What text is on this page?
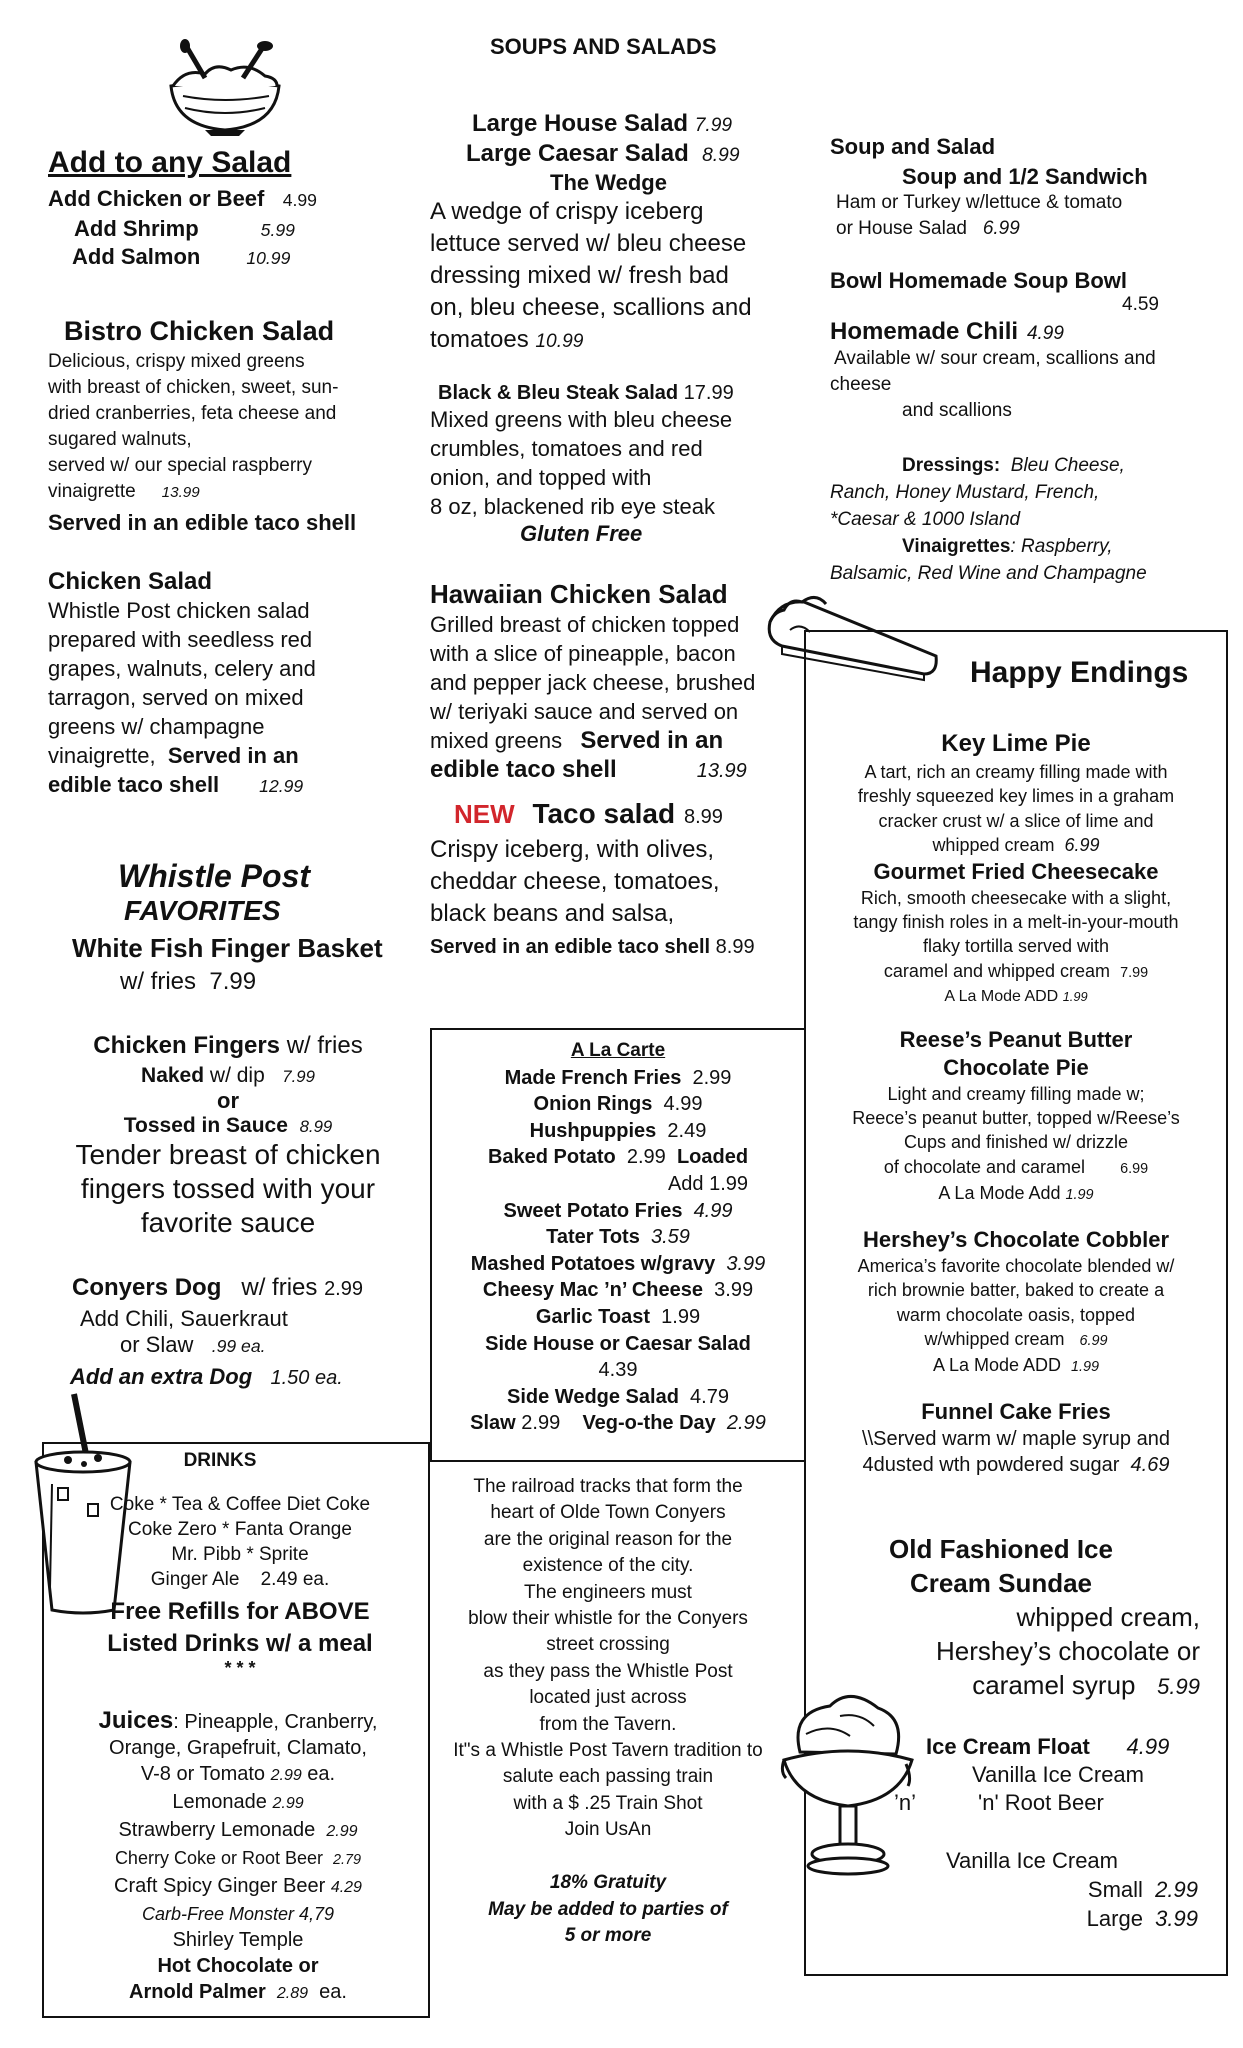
SOUPS AND SALADS
Add to any Salad
Add Chicken or Beef 4.99
Add Shrimp	5.99
Add Salmon	10.99
Bistro Chicken Salad
Delicious, crispy mixed greens
with breast of chicken, sweet, sun-
dried cranberries, feta cheese and
sugared walnuts,
served w/ our special raspberry
vinaigrette 13.99
Served in an edible taco shell
Chicken Salad
Whistle Post chicken salad
prepared with seedless red
grapes, walnuts, celery and
tarragon, served on mixed
greens w/ champagne
vinaigrette, Served in an
edible taco shell 12.99
Whistle Post
FAVORITES
White Fish Finger Basket
w/ fries 7.99
Chicken Fingers w/ fries
Naked w/ dip 7.99
or
Tossed in Sauce 8.99
Tender breast of chicken
fingers tossed with your
favorite sauce
Conyers Dog w/ fries 2.99
Add Chili, Sauerkraut
or Slaw .99 ea.
Add an extra Dog 1.50 ea.
DRINKS
Coke * Tea & Coffee Diet Coke
Coke Zero * Fanta Orange
Mr. Pibb * Sprite
Ginger Ale 2.49 ea.
Free Refills for ABOVE
Listed Drinks w/ a meal
* * *
Juices: Pineapple, Cranberry,
Orange, Grapefruit, Clamato,
V-8 or Tomato 2.99 ea.
Lemonade 2.99
Strawberry Lemonade 2.99
Cherry Coke or Root Beer 2.79
Craft Spicy Ginger Beer 4.29
Carb-Free Monster 4,79
Shirley Temple
Hot Chocolate or
Arnold Palmer 2.89 ea.
Large House Salad 7.99
Large Caesar Salad 8.99
The Wedge
A wedge of crispy iceberg
lettuce served w/ bleu cheese
dressing mixed w/ fresh bad
on, bleu cheese, scallions and
tomatoes 10.99
Black & Bleu Steak Salad 17.99
Mixed greens with bleu cheese
crumbles, tomatoes and red
onion, and topped with
8 oz, blackened rib eye steak
Gluten Free
Hawaiian Chicken Salad
Grilled breast of chicken topped
with a slice of pineapple, bacon
and pepper jack cheese, brushed
w/ teriyaki sauce and served on
mixed greens Served in an
edible taco shell	13.99
NEW Taco salad 8.99
Crispy iceberg, with olives,
cheddar cheese, tomatoes,
black beans and salsa,
Served in an edible taco shell 8.99
A La Carte
Made French Fries 2.99
Onion Rings 4.99
Hushpuppies 2.49
Baked Potato 2.99 Loaded
Add 1.99
Sweet Potato Fries 4.99
Tater Tots 3.59
Mashed Potatoes w/gravy 3.99
Cheesy Mac ’n’ Cheese 3.99
Garlic Toast 1.99
Side House or Caesar Salad
4.39
Side Wedge Salad 4.79
Slaw 2.99 Veg-o-the Day 2.99
The railroad tracks that form the
heart of Olde Town Conyers
are the original reason for the
existence of the city.
The engineers must
blow their whistle for the Conyers
street crossing
as they pass the Whistle Post
located just across
from the Tavern.
It"s a Whistle Post Tavern tradition to
salute each passing train
with a $ .25 Train Shot
Join UsAn

18% Gratuity
May be added to parties of
5 or more
Soup and Salad
Soup and 1/2 Sandwich
Ham or Turkey w/lettuce & tomato
or House Salad 6.99
Bowl Homemade Soup Bowl
4.59
Homemade Chili 4.99
Available w/ sour cream, scallions and
cheese
and scallions
Dressings: Bleu Cheese,
Ranch, Honey Mustard, French,
*Caesar & 1000 Island
Vinaigrettes: Raspberry,
Balsamic, Red Wine and Champagne
Happy Endings
Key Lime Pie
A tart, rich an creamy filling made with
freshly squeezed key limes in a graham
cracker crust w/ a slice of lime and
whipped cream 6.99
Gourmet Fried Cheesecake
Rich, smooth cheesecake with a slight,
tangy finish roles in a melt-in-your-mouth
flaky tortilla served with
caramel and whipped cream 7.99
A La Mode ADD 1.99
Reese’s Peanut Butter
Chocolate Pie
Light and creamy filling made w;
Reece’s peanut butter, topped w/Reese’s
Cups and finished w/ drizzle
of chocolate and caramel 6.99
A La Mode Add 1.99
Hershey’s Chocolate Cobbler
America’s favorite chocolate blended w/
rich brownie batter, baked to create a
warm chocolate oasis, topped
w/whipped cream 6.99
A La Mode ADD 1.99
Funnel Cake Fries
\\Served warm w/ maple syrup and
4dusted wth powdered sugar 4.69
Old Fashioned Ice
Cream Sundae
whipped cream,
Hershey’s chocolate or
caramel syrup 5.99
Ice Cream Float 4.99
Vanilla Ice Cream
’n’	'n' Root Beer
Vanilla Ice Cream
Small 2.99
Large 3.99
